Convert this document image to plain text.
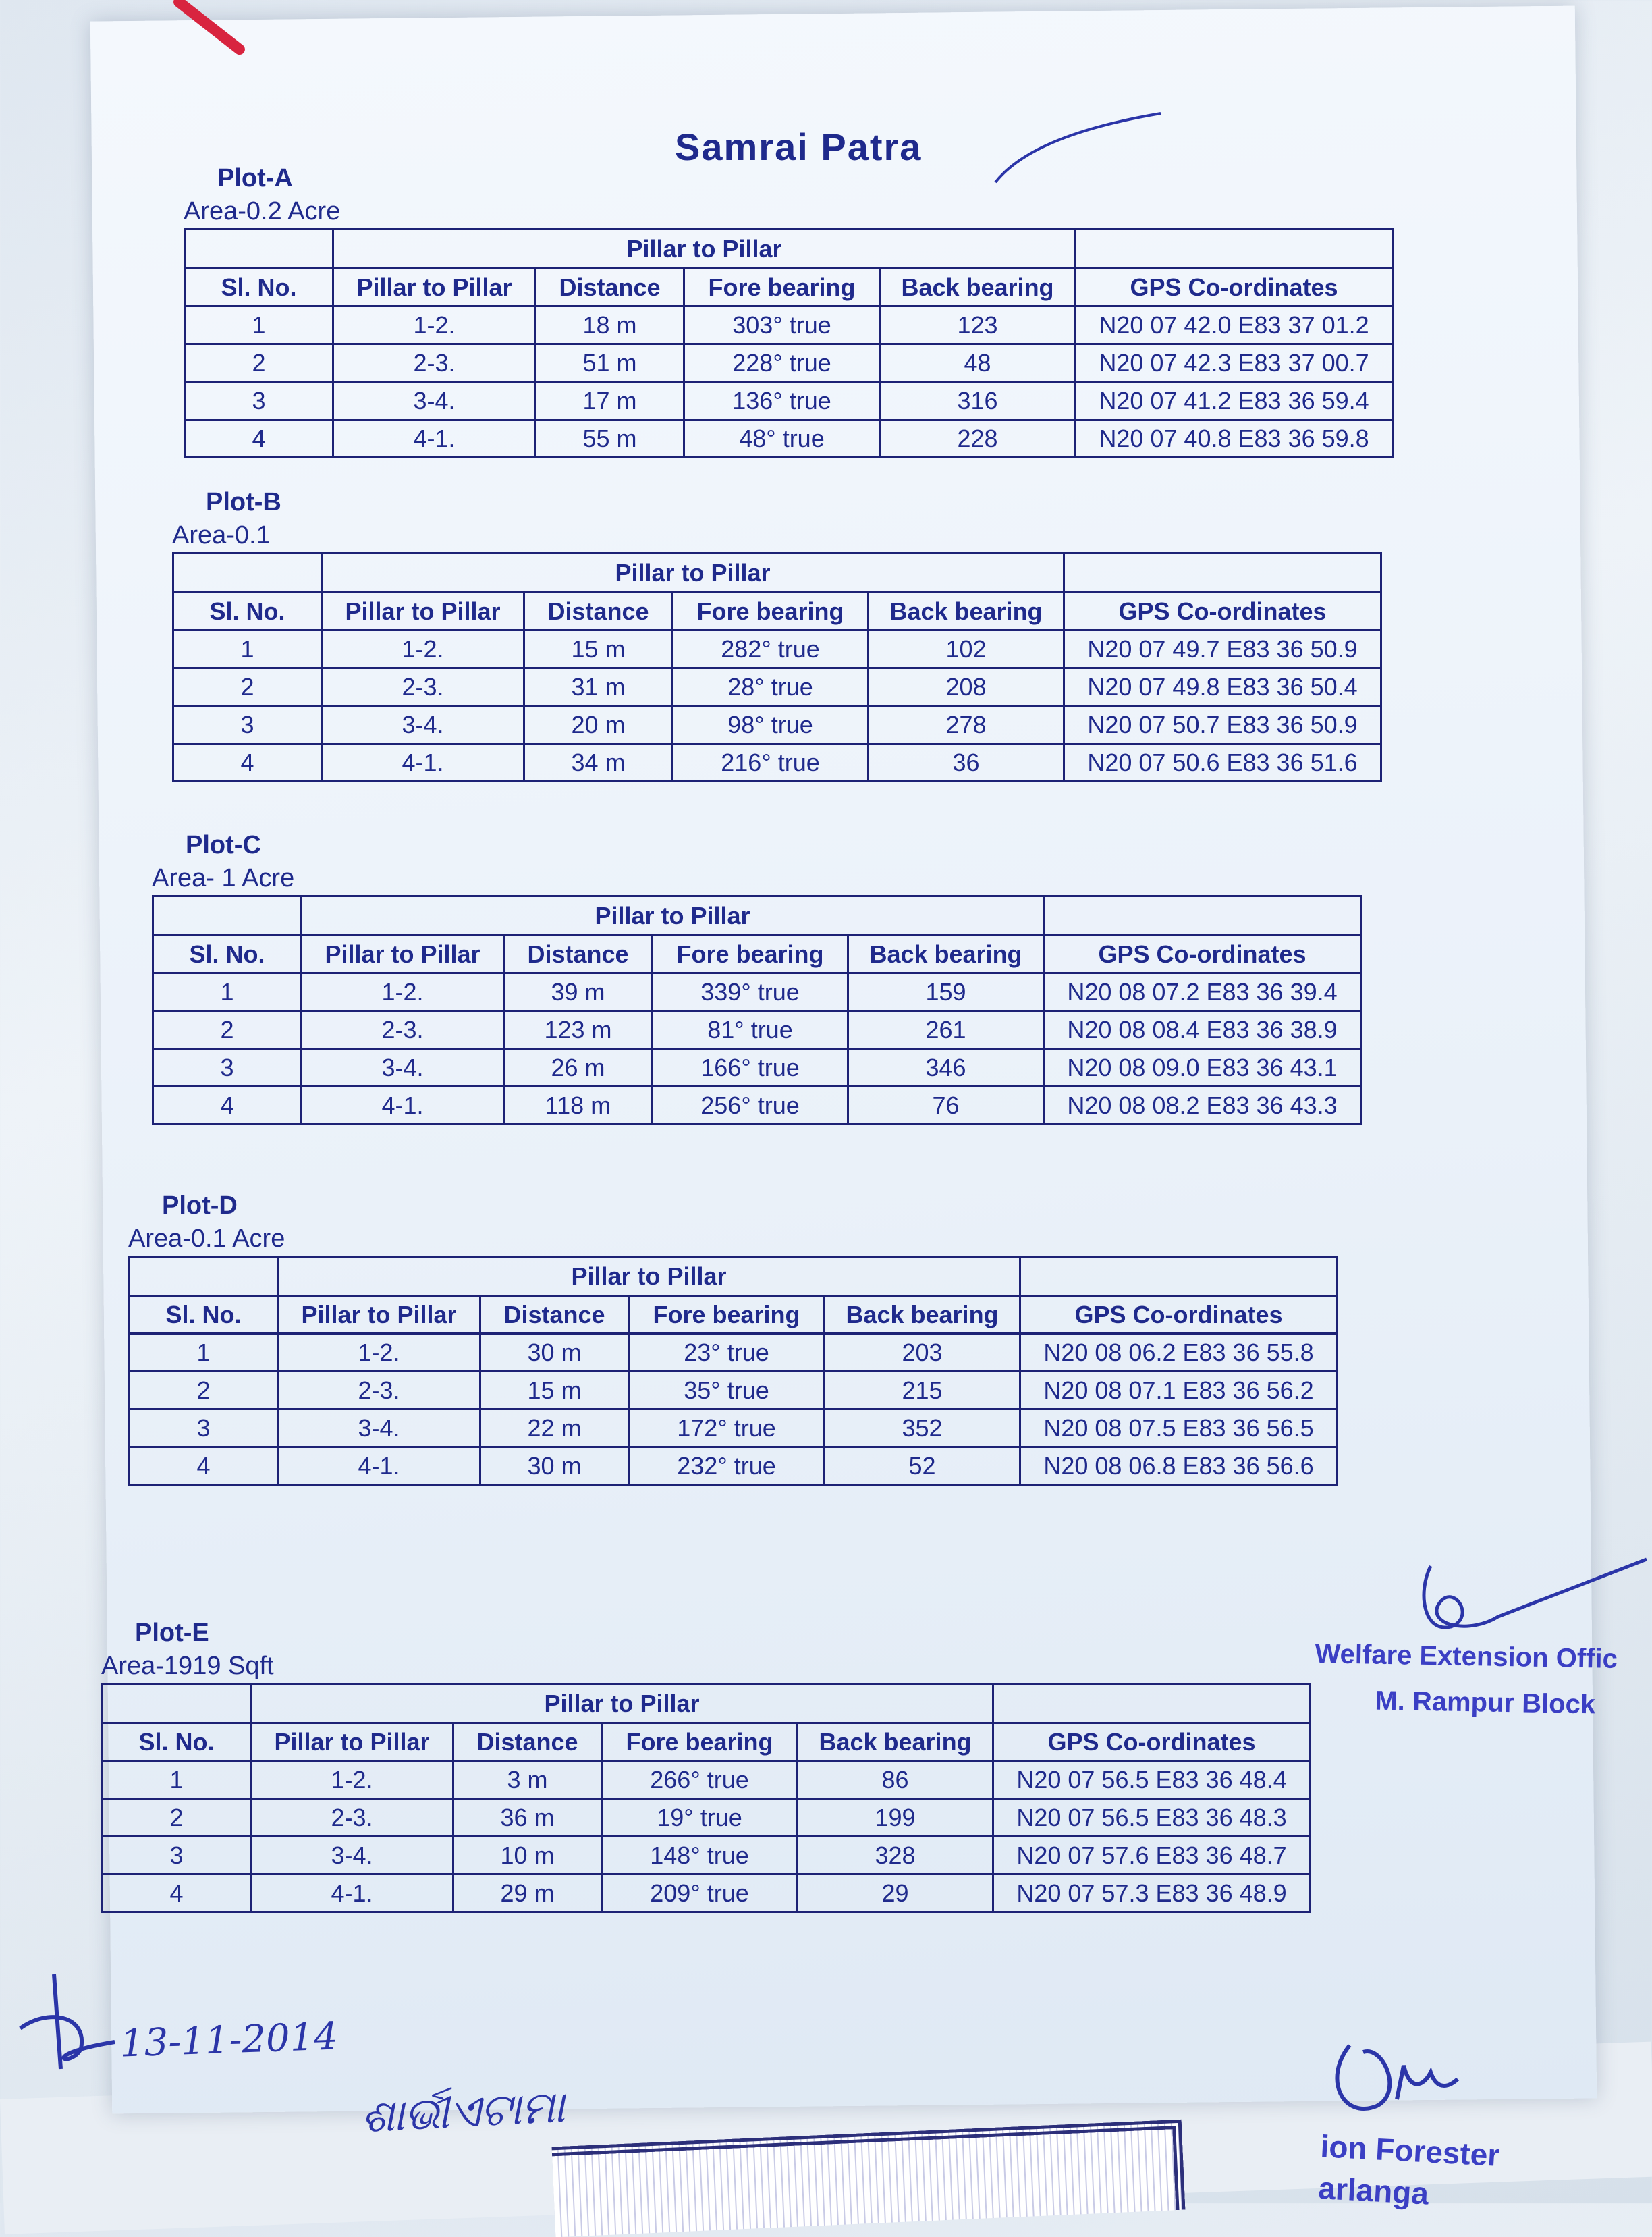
Samrai Patra
Plot-A
Area-0.2 Acre
	Pillar to Pillar				
Sl. No.	Pillar to Pillar	Distance	Fore bearing	Back bearing	GPS Co-ordinates
1	1-2.	18 m	303° true	123	N20 07 42.0 E83 37 01.2
2	2-3.	51 m	228° true	48	N20 07 42.3 E83 37 00.7
3	3-4.	17 m	136° true	316	N20 07 41.2 E83 36 59.4
4	4-1.	55 m	48° true	228	N20 07 40.8 E83 36 59.8
Plot-B
Area-0.1
	Pillar to Pillar				
Sl. No.	Pillar to Pillar	Distance	Fore bearing	Back bearing	GPS Co-ordinates
1	1-2.	15 m	282° true	102	N20 07 49.7 E83 36 50.9
2	2-3.	31 m	28° true	208	N20 07 49.8 E83 36 50.4
3	3-4.	20 m	98° true	278	N20 07 50.7 E83 36 50.9
4	4-1.	34 m	216° true	36	N20 07 50.6 E83 36 51.6
Plot-C
Area- 1 Acre
	Pillar to Pillar				
Sl. No.	Pillar to Pillar	Distance	Fore bearing	Back bearing	GPS Co-ordinates
1	1-2.	39 m	339° true	159	N20 08 07.2 E83 36 39.4
2	2-3.	123 m	81° true	261	N20 08 08.4 E83 36 38.9
3	3-4.	26 m	166° true	346	N20 08 09.0 E83 36 43.1
4	4-1.	118 m	256° true	76	N20 08 08.2 E83 36 43.3
Plot-D
Area-0.1 Acre
	Pillar to Pillar				
Sl. No.	Pillar to Pillar	Distance	Fore bearing	Back bearing	GPS Co-ordinates
1	1-2.	30 m	23° true	203	N20 08 06.2 E83 36 55.8
2	2-3.	15 m	35° true	215	N20 08 07.1 E83 36 56.2
3	3-4.	22 m	172° true	352	N20 08 07.5 E83 36 56.5
4	4-1.	30 m	232° true	52	N20 08 06.8 E83 36 56.6
Plot-E
Area-1919 Sqft
	Pillar to Pillar				
Sl. No.	Pillar to Pillar	Distance	Fore bearing	Back bearing	GPS Co-ordinates
1	1-2.	3 m	266° true	86	N20 07 56.5 E83 36 48.4
2	2-3.	36 m	19° true	199	N20 07 56.5 E83 36 48.3
3	3-4.	10 m	148° true	328	N20 07 57.6 E83 36 48.7
4	4-1.	29 m	209° true	29	N20 07 57.3 E83 36 48.9
Welfare Extension Offic
M. Rampur Block
13-11-2014
ଶାର୍ଭୀଏଟାମା
ion Forester
arlanga
